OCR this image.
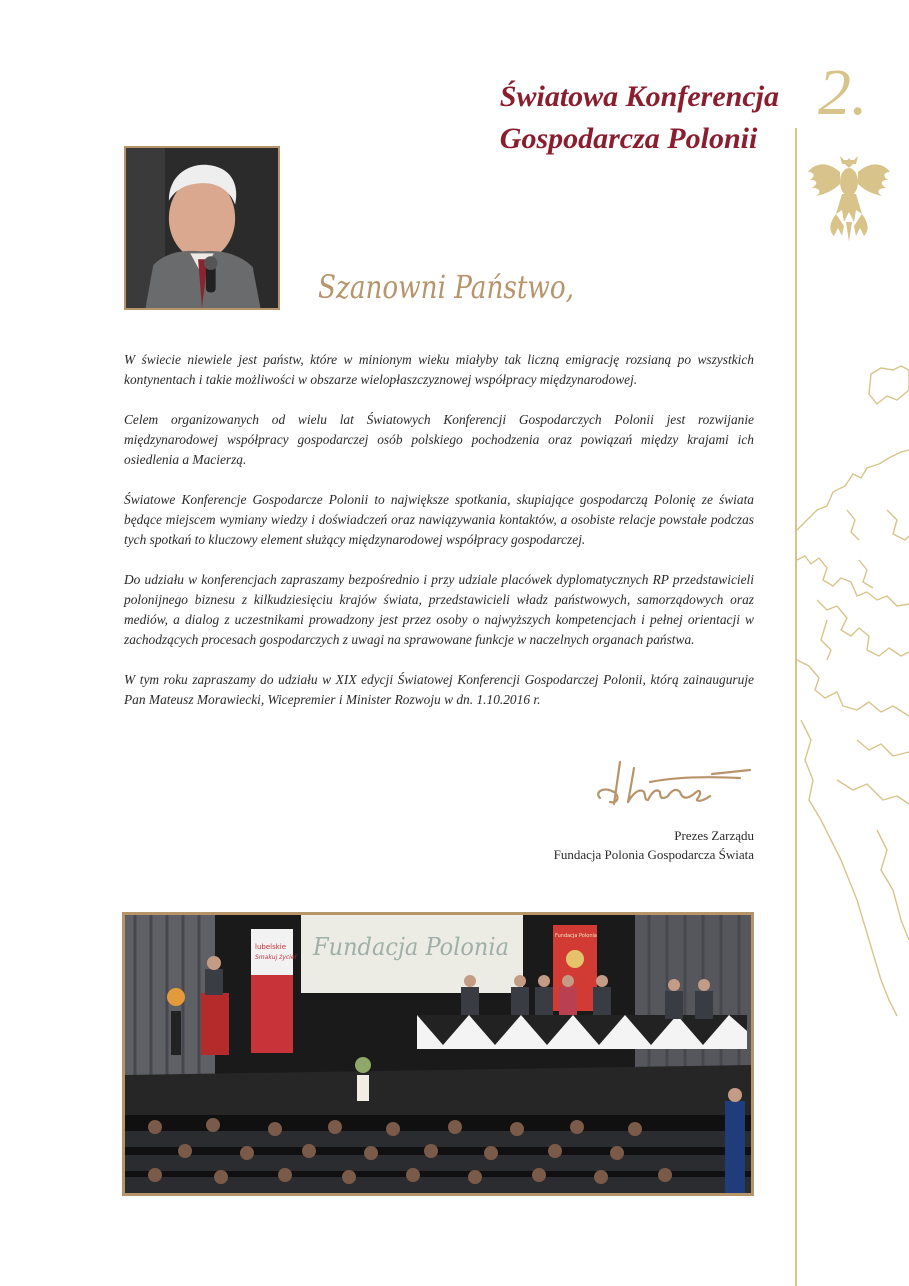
Światowa Konferencja
Gospodarcza Polonii
2.
Szanowni Państwo,

W świecie niewiele jest państw, które w minionym wieku miałyby tak liczną emigrację rozsianą po wszystkich kontynentach i takie możliwości w obszarze wielopłaszczyznowej współpracy międzynarodowej.

Celem organizowanych od wielu lat Światowych Konferencji Gospodarczych Polonii jest rozwijanie międzynarodowej współpracy gospodarczej osób polskiego pochodzenia oraz powiązań między krajami ich osiedlenia a Macierzą.

Światowe Konferencje Gospodarcze Polonii to największe spotkania, skupiające gospodarczą Polonię ze świata będące miejscem wymiany wiedzy i doświadczeń oraz nawiązywania kontaktów, a osobiste relacje powstałe podczas tych spotkań to kluczowy element służący międzynarodowej współpracy gospodarczej.

Do udziału w konferencjach zapraszamy bezpośrednio i przy udziale placówek dyplomatycznych RP przedstawicieli polonijnego biznesu z kilkudziesięciu krajów świata, przedstawicieli władz państwowych, samorządowych oraz mediów, a dialog z uczestnikami prowadzony jest przez osoby o najwyższych kompetencjach i pełnej orientacji w zachodzących procesach gospodarczych z uwagi na sprawowane funkcje w naczelnych organach państwa.

W tym roku zapraszamy do udziału w XIX edycji Światowej Konferencji Gospodarczej Polonii, którą zainauguruje Pan Mateusz Morawiecki, Wicepremier i Minister Rozwoju w dn. 1.10.2016 r.

Prezes Zarządu
Fundacja Polonia Gospodarcza Świata
Fundacja Polonia
lubelskie
Smakuj życie!
Fundacja Polonia
